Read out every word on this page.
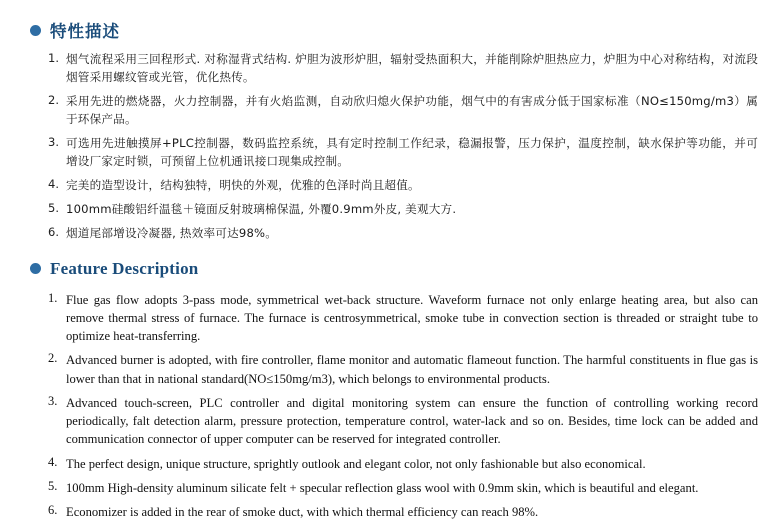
特性描述
1. 烟气流程采用三回程形式. 对称湿背式结构. 炉胆为波形炉胆，辐射受热面积大，并能削除炉胆热应力，炉胆为中心对称结构，对流段烟管采用螺纹管或光管，优化热传。
2. 采用先进的燃烧器，火力控制器，并有火焰监测，自动欣归熄火保护功能，烟气中的有害成分低于国家标准（NO≤150mg/m3）属于环保产品。
3. 可选用先进触摸屏+PLC控制器，数码监控系统，具有定时控制工作纪录，稳漏报警，压力保护，温度控制，缺水保护等功能，并可增设厂家定时锁，可预留上位机通讯接口现集成控制。
4. 完美的造型设计，结构独特，明快的外观，优雅的色泽时尚且超值。
5. 100mm硅酸铝纤温毯＋镜面反射玻璃棉保温, 外覆0.9mm外皮, 美观大方.
6. 烟道尾部增设冷凝器, 热效率可达98%。
Feature Description
1. Flue gas flow adopts 3-pass mode, symmetrical wet-back structure. Waveform furnace not only enlarge heating area, but also can remove thermal stress of furnace. The furnace is centrosymmetrical, smoke tube in convection section is threaded or straight tube to optimize heat-transferring.
2. Advanced burner is adopted, with fire controller, flame monitor and automatic flameout function. The harmful constituents in flue gas is lower than that in national standard(NO≤150mg/m3), which belongs to environmental products.
3. Advanced touch-screen, PLC controller and digital monitoring system can ensure the function of controlling working record periodically, falt detection alarm, pressure protection, temperature control, water-lack and so on. Besides, time lock can be added and communication connector of upper computer can be reserved for integrated controller.
4. The perfect design, unique structure, sprightly outlook and elegant color, not only fashionable but also economical.
5. 100mm High-density aluminum silicate felt + specular reflection glass wool with 0.9mm skin, which is beautiful and elegant.
6. Economizer is added in the rear of smoke duct, with which thermal efficiency can reach 98%.
